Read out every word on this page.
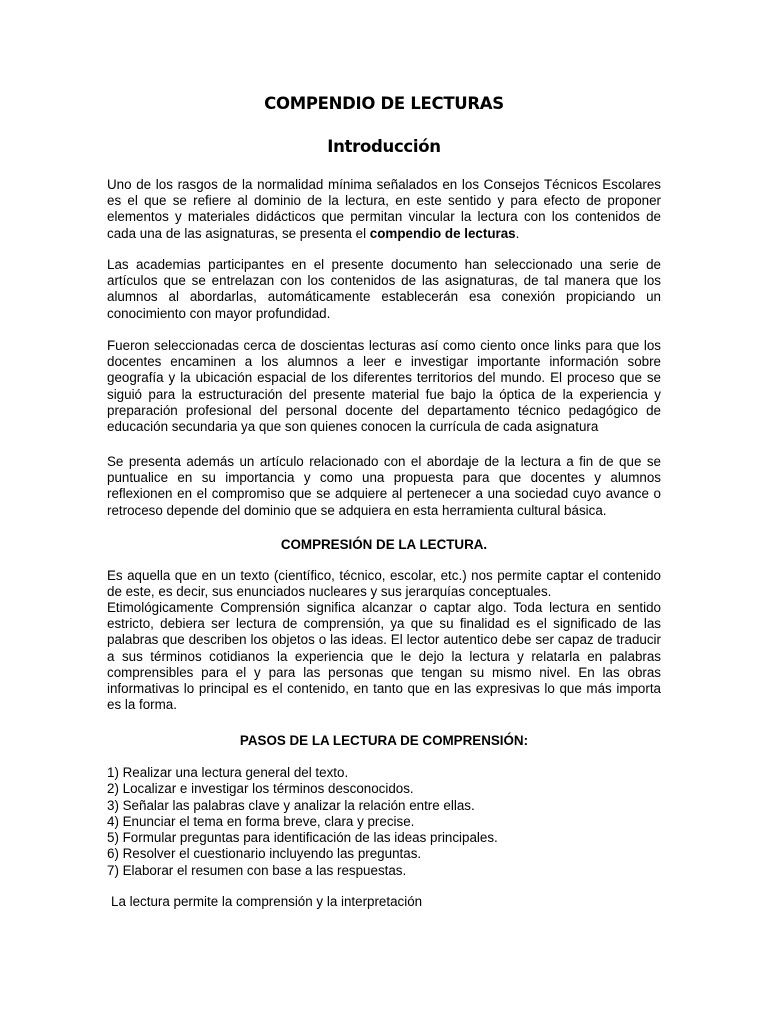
COMPENDIO DE LECTURAS
Introducción

Uno de los rasgos de la normalidad mínima señalados en los Consejos Técnicos Escolares es el que se refiere al dominio de la lectura, en este sentido y para efecto de proponer elementos y materiales didácticos que permitan vincular la lectura con los contenidos de cada una de las asignaturas, se presenta el compendio de lecturas.

Las academias participantes en el presente documento han seleccionado una serie de artículos que se entrelazan con los contenidos de las asignaturas, de tal manera que los alumnos al abordarlas, automáticamente establecerán esa conexión propiciando un conocimiento con mayor profundidad.

Fueron seleccionadas cerca de doscientas lecturas así como ciento once links para que los docentes encaminen a los alumnos a leer e investigar importante información sobre geografía y la ubicación espacial de los diferentes territorios del mundo. El proceso que se siguió para la estructuración del presente material fue bajo la óptica de la experiencia y preparación profesional del personal docente del departamento técnico pedagógico de educación secundaria ya que son quienes conocen la currícula de cada asignatura

Se presenta además un artículo relacionado con el abordaje de la lectura a fin de que se puntualice en su importancia y como una propuesta para que docentes y alumnos reflexionen en el compromiso que se adquiere al pertenecer a una sociedad cuyo avance o retroceso depende del dominio que se adquiera en esta herramienta cultural básica.

COMPRESIÓN DE LA LECTURA.

Es aquella que en un texto (científico, técnico, escolar, etc.) nos permite captar el contenido de este, es decir, sus enunciados nucleares y sus jerarquías conceptuales.

Etimológicamente Comprensión significa alcanzar o captar algo. Toda lectura en sentido estricto, debiera ser lectura de comprensión, ya que su finalidad es el significado de las palabras que describen los objetos o las ideas. El lector autentico debe ser capaz de traducir a sus términos cotidianos la experiencia que le dejo la lectura y relatarla en palabras comprensibles para el y para las personas que tengan su mismo nivel. En las obras informativas lo principal es el contenido, en tanto que en las expresivas lo que más importa es la forma.

PASOS DE LA LECTURA DE COMPRENSIÓN:

1) Realizar una lectura general del texto.
2) Localizar e investigar los términos desconocidos.
3) Señalar las palabras clave y analizar la relación entre ellas.
4) Enunciar el tema en forma breve, clara y precise.
5) Formular preguntas para identificación de las ideas principales.
6) Resolver el cuestionario incluyendo las preguntas.
7) Elaborar el resumen con base a las respuestas.

La lectura permite la comprensión y la interpretación
